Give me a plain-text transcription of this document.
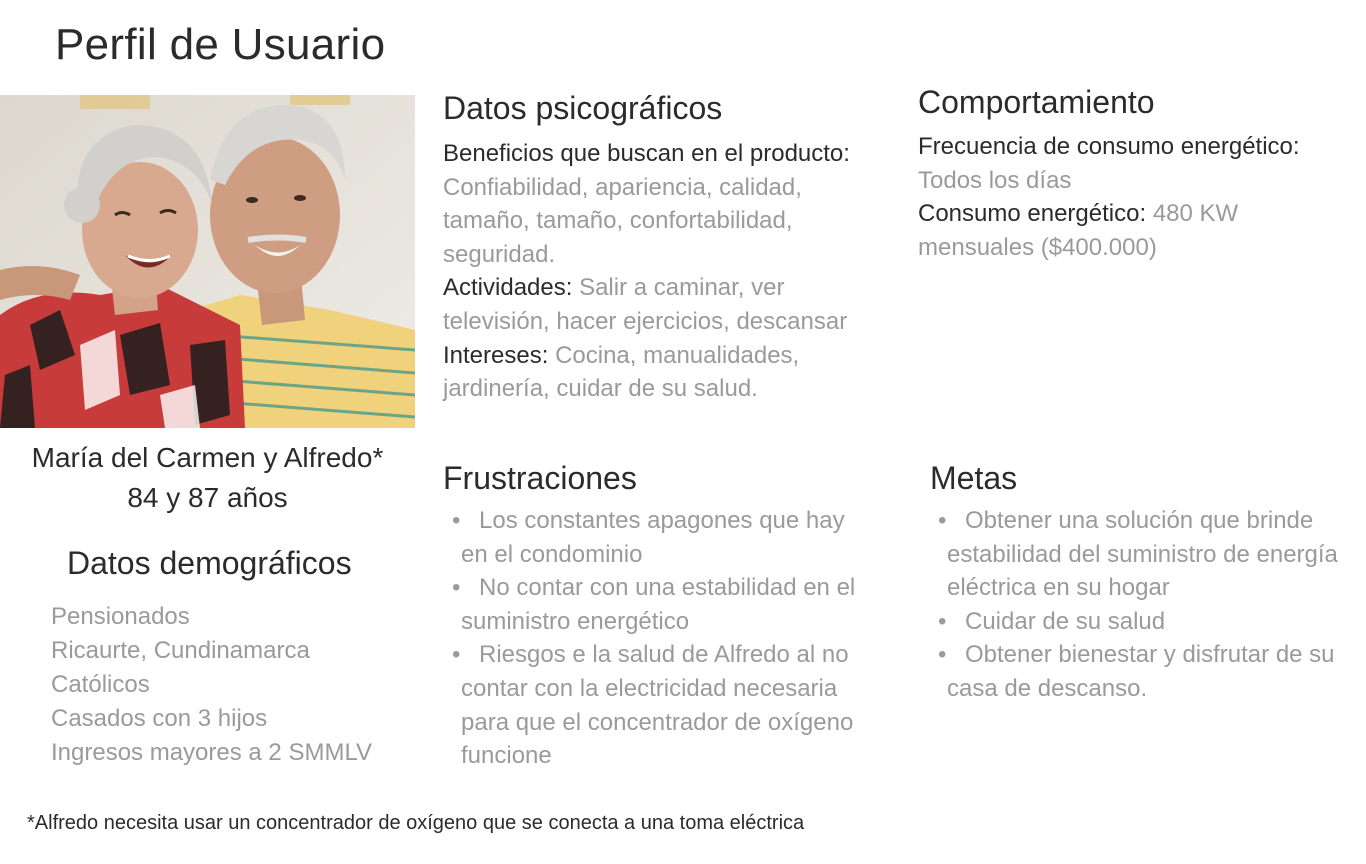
Perfil de Usuario
María del Carmen y Alfredo*
84 y 87 años
Datos demográficos
Pensionados
Ricaurte, Cundinamarca
Católicos
Casados con 3 hijos
Ingresos mayores a 2 SMMLV
Datos psicográficos
Beneficios que buscan en el producto:
Confiabilidad, apariencia, calidad, tamaño, tamaño, confortabilidad, seguridad.
Actividades: Salir a caminar, ver televisión, hacer ejercicios, descansar
Intereses: Cocina, manualidades, jardinería, cuidar de su salud.
Comportamiento
Frecuencia de consumo energético:
Todos los días
Consumo energético: 480 KW mensuales ($400.000)
Frustraciones
• Los constantes apagones que hay en el condominio
• No contar con una estabilidad en el suministro energético
• Riesgos e la salud de Alfredo al no contar con la electricidad necesaria para que el concentrador de oxígeno funcione
Metas
• Obtener una solución que brinde estabilidad del suministro de energía eléctrica en su hogar
• Cuidar de su salud
• Obtener bienestar y disfrutar de su casa de descanso.
*Alfredo necesita usar un concentrador de oxígeno que se conecta a una toma eléctrica
